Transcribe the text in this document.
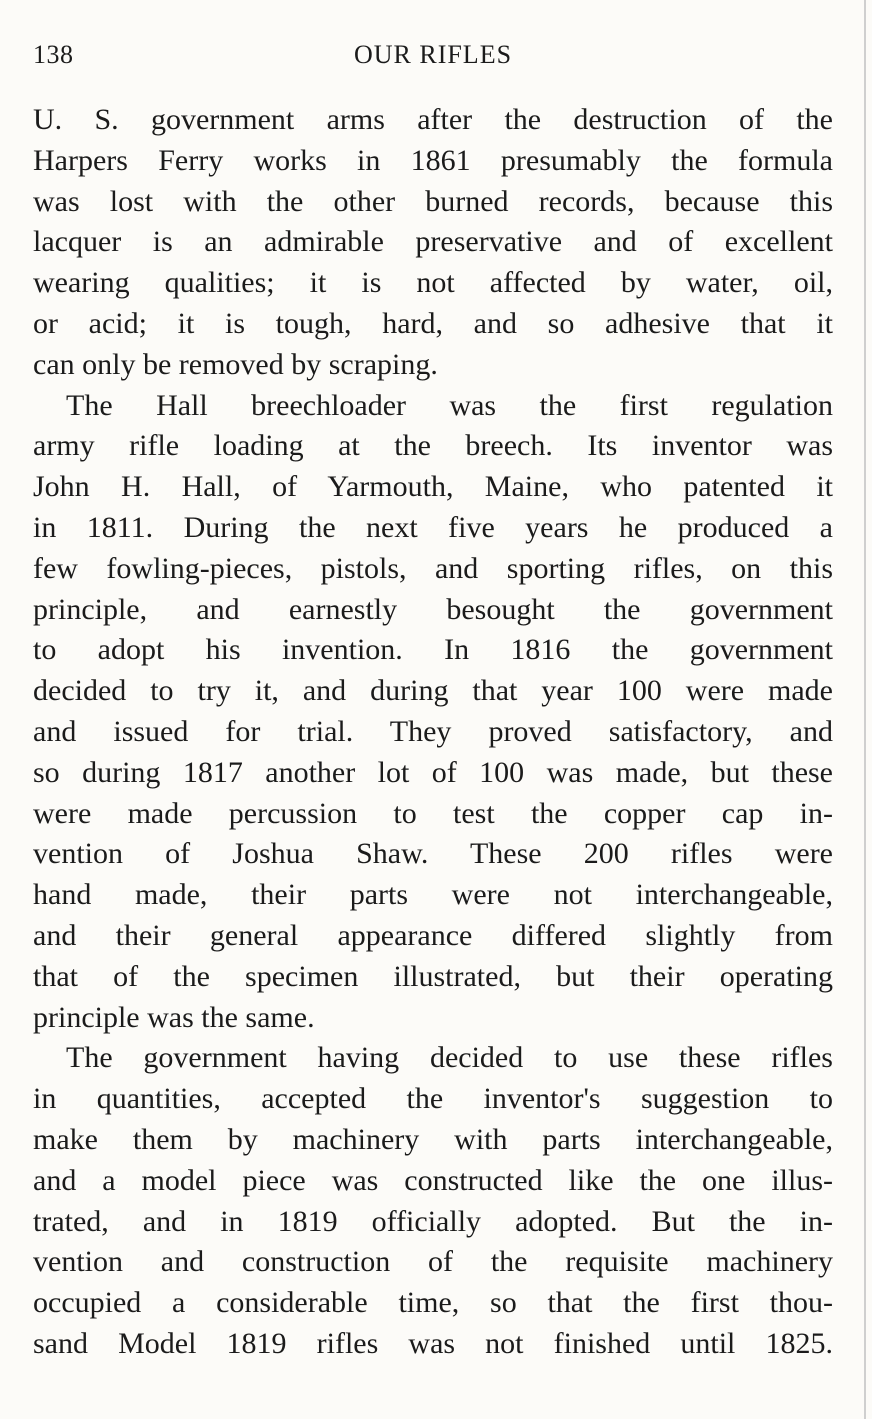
138	OUR RIFLES
U. S. government arms after the destruction of the
Harpers Ferry works in 1861 presumably the formula
was lost with the other burned records, because this
lacquer is an admirable preservative and of excellent
wearing qualities; it is not affected by water, oil,
or acid; it is tough, hard, and so adhesive that it
can only be removed by scraping.
The Hall breechloader was the first regulation
army rifle loading at the breech. Its inventor was
John H. Hall, of Yarmouth, Maine, who patented it
in 1811. During the next five years he produced a
few fowling-pieces, pistols, and sporting rifles, on this
principle, and earnestly besought the government
to adopt his invention. In 1816 the government
decided to try it, and during that year 100 were made
and issued for trial. They proved satisfactory, and
so during 1817 another lot of 100 was made, but these
were made percussion to test the copper cap in-
vention of Joshua Shaw. These 200 rifles were
hand made, their parts were not interchangeable,
and their general appearance differed slightly from
that of the specimen illustrated, but their operating
principle was the same.
The government having decided to use these rifles
in quantities, accepted the inventor's suggestion to
make them by machinery with parts interchangeable,
and a model piece was constructed like the one illus-
trated, and in 1819 officially adopted. But the in-
vention and construction of the requisite machinery
occupied a considerable time, so that the first thou-
sand Model 1819 rifles was not finished until 1825.
